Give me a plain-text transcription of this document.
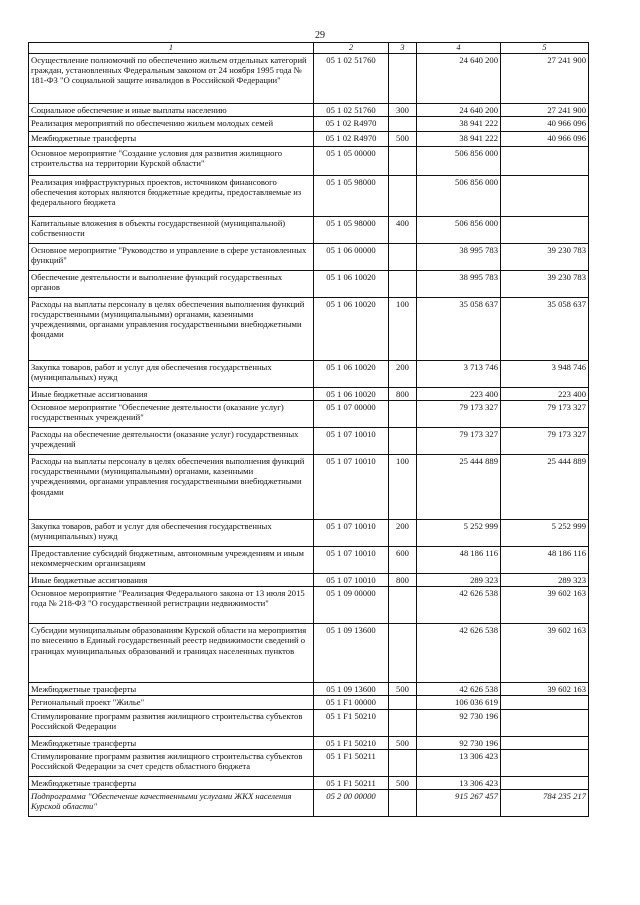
29
1	2	3	4	5
Осуществление полномочий по обеспечению жильем отдельных категорий граждан, установленных Федеральным законом от 24 ноября 1995 года № 181-ФЗ "О социальной защите инвалидов в Российской Федерации"	05 1 02 51760		24 640 200	27 241 900
Социальное обеспечение и иные выплаты населению	05 1 02 51760	300	24 640 200	27 241 900
Реализация мероприятий по обеспечению жильем молодых семей	05 1 02 R4970		38 941 222	40 966 096
Межбюджетные трансферты	05 1 02 R4970	500	38 941 222	40 966 096
Основное мероприятие "Создание условия для развития жилищного строительства на территории Курской области"	05 1 05 00000		506 856 000	
Реализация инфраструктурных проектов, источником финансового обеспечения которых являются бюджетные кредиты, предоставляемые из федерального бюджета	05 1 05 98000		506 856 000	
Капитальные вложения в объекты государственной (муниципальной) собственности	05 1 05 98000	400	506 856 000	
Основное мероприятие "Руководство и управление в сфере установленных функций"	05 1 06 00000		38 995 783	39 230 783
Обеспечение деятельности и выполнение функций государственных органов	05 1 06 10020		38 995 783	39 230 783
Расходы на выплаты персоналу в целях обеспечения выполнения функций государственными (муниципальными) органами, казенными учреждениями, органами управления государственными внебюджетными фондами	05 1 06 10020	100	35 058 637	35 058 637
Закупка товаров, работ и услуг для обеспечения государственных (муниципальных) нужд	05 1 06 10020	200	3 713 746	3 948 746
Иные бюджетные ассигнования	05 1 06 10020	800	223 400	223 400
Основное мероприятие "Обеспечение деятельности (оказание услуг) государственных учреждений"	05 1 07 00000		79 173 327	79 173 327
Расходы на обеспечение деятельности (оказание услуг) государственных учреждений	05 1 07 10010		79 173 327	79 173 327
Расходы на выплаты персоналу в целях обеспечения выполнения функций государственными (муниципальными) органами, казенными учреждениями, органами управления государственными внебюджетными фондами	05 1 07 10010	100	25 444 889	25 444 889
Закупка товаров, работ и услуг для обеспечения государственных (муниципальных) нужд	05 1 07 10010	200	5 252 999	5 252 999
Предоставление субсидий бюджетным, автономным учреждениям и иным некоммерческим организациям	05 1 07 10010	600	48 186 116	48 186 116
Иные бюджетные ассигнования	05 1 07 10010	800	289 323	289 323
Основное мероприятие "Реализация Федерального закона от 13 июля 2015 года № 218-ФЗ "О государственной регистрации недвижимости"	05 1 09 00000		42 626 538	39 602 163
Субсидии муниципальным образованиям Курской области на мероприятия по внесению в Единый государственный реестр недвижимости сведений о границах муниципальных образований и границах населенных пунктов	05 1 09 13600		42 626 538	39 602 163
Межбюджетные трансферты	05 1 09 13600	500	42 626 538	39 602 163
Региональный проект "Жилье"	05 1 F1 00000		106 036 619	
Стимулирование программ развития жилищного строительства субъектов Российской Федерации	05 1 F1 50210		92 730 196	
Межбюджетные трансферты	05 1 F1 50210	500	92 730 196	
Стимулирование программ развития жилищного строительства субъектов Российской Федерации за счет средств областного бюджета	05 1 F1 50211		13 306 423	
Межбюджетные трансферты	05 1 F1 50211	500	13 306 423	
Подпрограмма "Обеспечение качественными услугами ЖКХ населения Курской области"	05 2 00 00000		915 267 457	784 235 217
